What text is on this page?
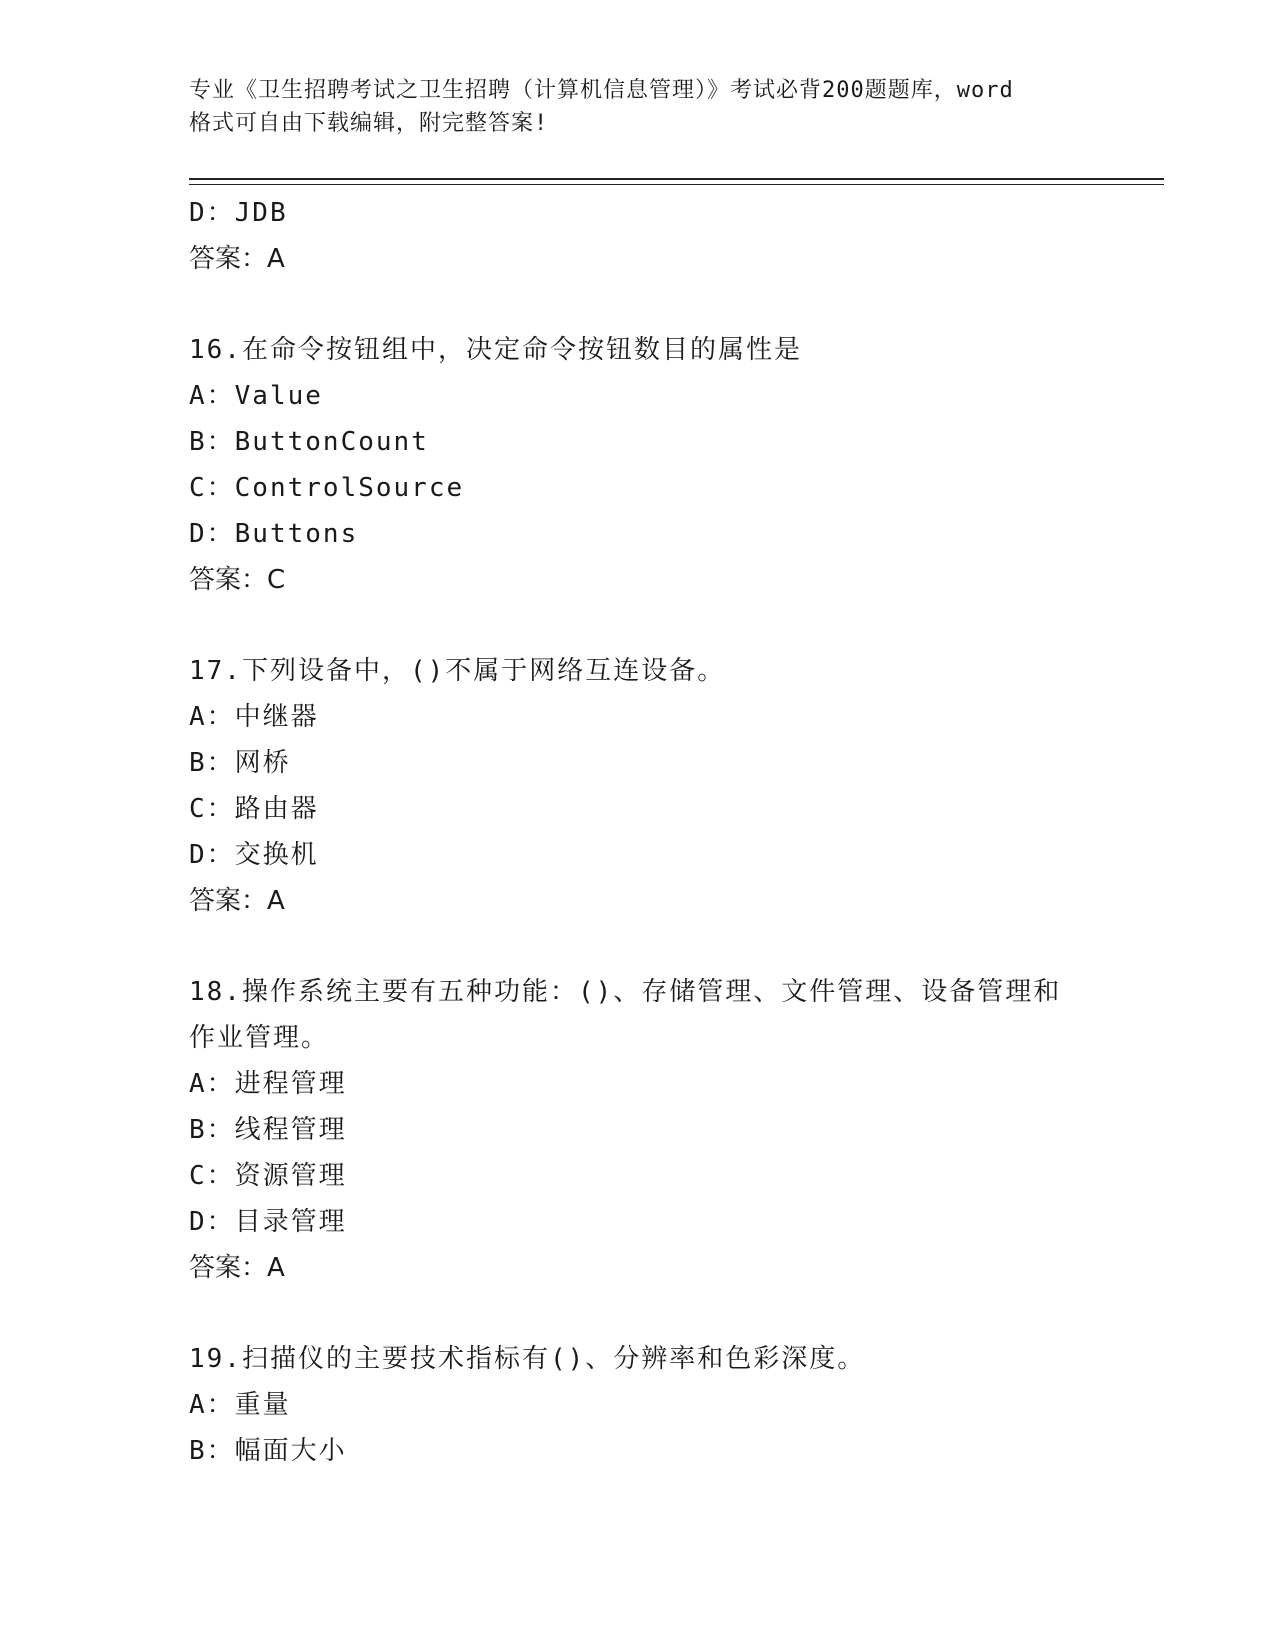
专业《卫生招聘考试之卫生招聘（计算机信息管理）》考试必背200题题库，word
格式可自由下载编辑，附完整答案!
D：JDB
答案：A
16.在命令按钮组中，决定命令按钮数目的属性是
A：Value
B：ButtonCount
C：ControlSource
D：Buttons
答案：C
17.下列设备中，()不属于网络互连设备。
A：中继器
B：网桥
C：路由器
D：交换机
答案：A
18.操作系统主要有五种功能：()、存储管理、文件管理、设备管理和
作业管理。
A：进程管理
B：线程管理
C：资源管理
D：目录管理
答案：A
19.扫描仪的主要技术指标有()、分辨率和色彩深度。
A：重量
B：幅面大小
